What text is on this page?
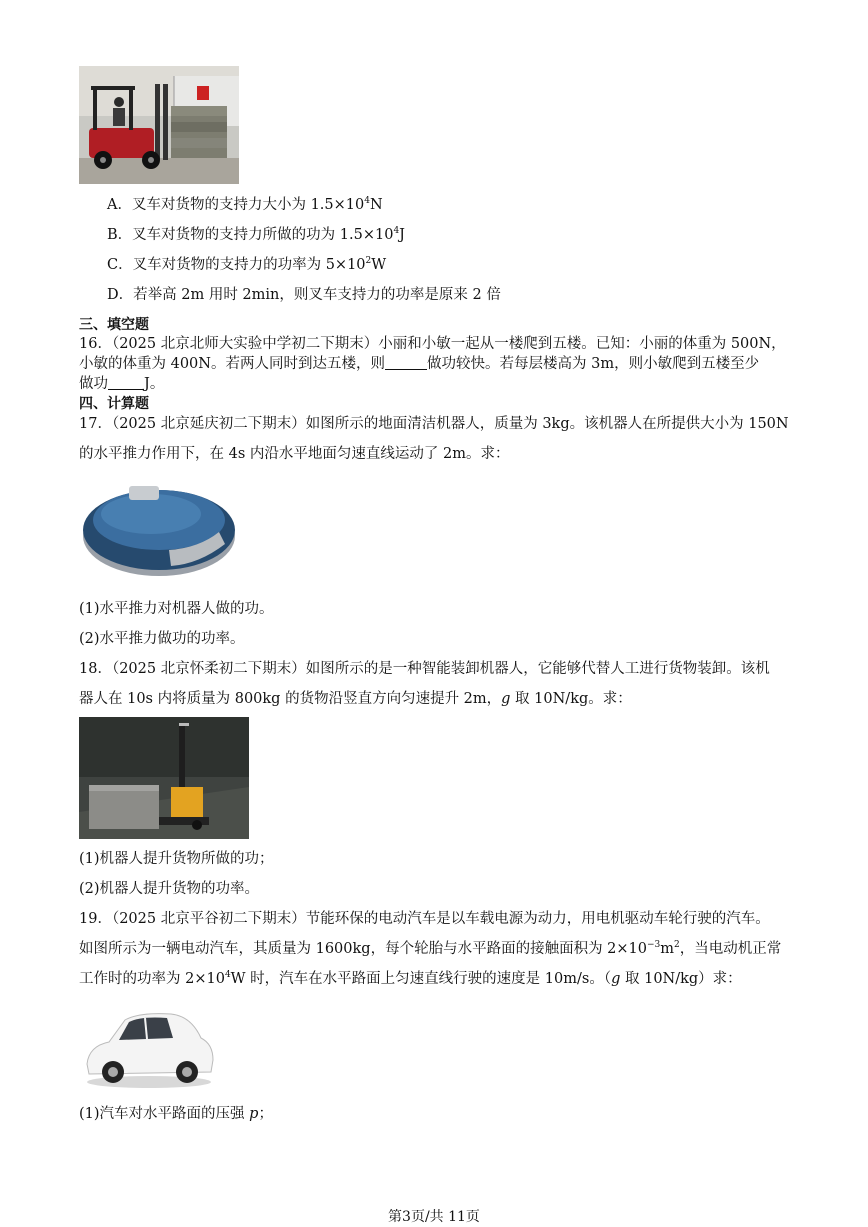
A．叉车对货物的支持力大小为 $1.5\times 10^4N$
B．叉车对货物的支持力所做的功为 $1.5\times 10^4J$
C．叉车对货物的支持力的功率为 $5\times 10^2W$
D．若举高 2m 用时 2min，则叉车支持力的功率是原来 2 倍
三、填空题
16．（2025 北京北师大实验中学初二下期末）小丽和小敏一起从一楼爬到五楼。已知：小丽的体重为 500N，
小敏的体重为 400N。若两人同时到达五楼，则	做功较快。若每层楼高为 3m，则小敏爬到五楼至少
做功 J。
四、计算题
17．（2025 北京延庆初二下期末）如图所示的地面清洁机器人，质量为 3kg。该机器人在所提供大小为 150N
的水平推力作用下，在 4s 内沿水平地面匀速直线运动了 2m。求：
(1)水平推力对机器人做的功。
(2)水平推力做功的功率。
18．（2025 北京怀柔初二下期末）如图所示的是一种智能装卸机器人，它能够代替人工进行货物装卸。该机
器人在 10s 内将质量为 800kg 的货物沿竖直方向匀速提升 2m，g 取 10N/kg。求：
(1)机器人提升货物所做的功；
(2)机器人提升货物的功率。
19．（2025 北京平谷初二下期末）节能环保的电动汽车是以车载电源为动力，用电机驱动车轮行驶的汽车。
如图所示为一辆电动汽车，其质量为 1600kg，每个轮胎与水平路面的接触面积为 $2\times 10^{-3}m^2$，当电动机正常
工作时的功率为 $2\times 10^4W$ 时，汽车在水平路面上匀速直线行驶的速度是 10m/s。（g 取 10N/kg）求：
(1)汽车对水平路面的压强 p；
第3页/共 11页
